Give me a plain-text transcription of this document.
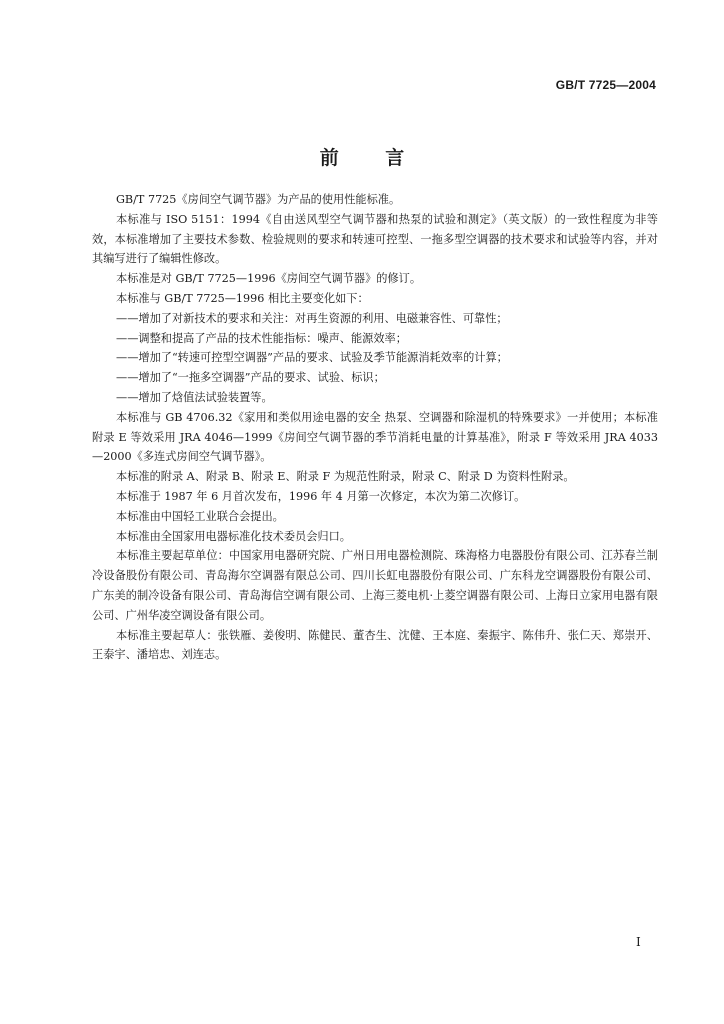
GB/T 7725—2004
前 言

GB/T 7725《房间空气调节器》为产品的使用性能标准。

本标准与 ISO 5151：1994《自由送风型空气调节器和热泵的试验和测定》（英文版）的一致性程度为非等效，本标准增加了主要技术参数、检验规则的要求和转速可控型、一拖多型空调器的技术要求和试验等内容，并对其编写进行了编辑性修改。

本标准是对 GB/T 7725—1996《房间空气调节器》的修订。

本标准与 GB/T 7725—1996 相比主要变化如下：

——增加了对新技术的要求和关注：对再生资源的利用、电磁兼容性、可靠性；

——调整和提高了产品的技术性能指标：噪声、能源效率；

——增加了“转速可控型空调器”产品的要求、试验及季节能源消耗效率的计算；

——增加了“一拖多空调器”产品的要求、试验、标识；

——增加了焓值法试验装置等。

本标准与 GB 4706.32《家用和类似用途电器的安全 热泵、空调器和除湿机的特殊要求》一并使用；本标准附录 E 等效采用 JRA 4046—1999《房间空气调节器的季节消耗电量的计算基准》，附录 F 等效采用 JRA 4033—2000《多连式房间空气调节器》。

本标准的附录 A、附录 B、附录 E、附录 F 为规范性附录，附录 C、附录 D 为资料性附录。

本标准于 1987 年 6 月首次发布，1996 年 4 月第一次修定，本次为第二次修订。

本标准由中国轻工业联合会提出。

本标准由全国家用电器标准化技术委员会归口。

本标准主要起草单位：中国家用电器研究院、广州日用电器检测院、珠海格力电器股份有限公司、江苏春兰制冷设备股份有限公司、青岛海尔空调器有限总公司、四川长虹电器股份有限公司、广东科龙空调器股份有限公司、广东美的制冷设备有限公司、青岛海信空调有限公司、上海三菱电机·上菱空调器有限公司、上海日立家用电器有限公司、广州华凌空调设备有限公司。

本标准主要起草人：张铁雁、姜俊明、陈健民、董杏生、沈健、王本庭、秦振宇、陈伟升、张仁天、郑崇开、王泰宇、潘培忠、刘连志。

I
